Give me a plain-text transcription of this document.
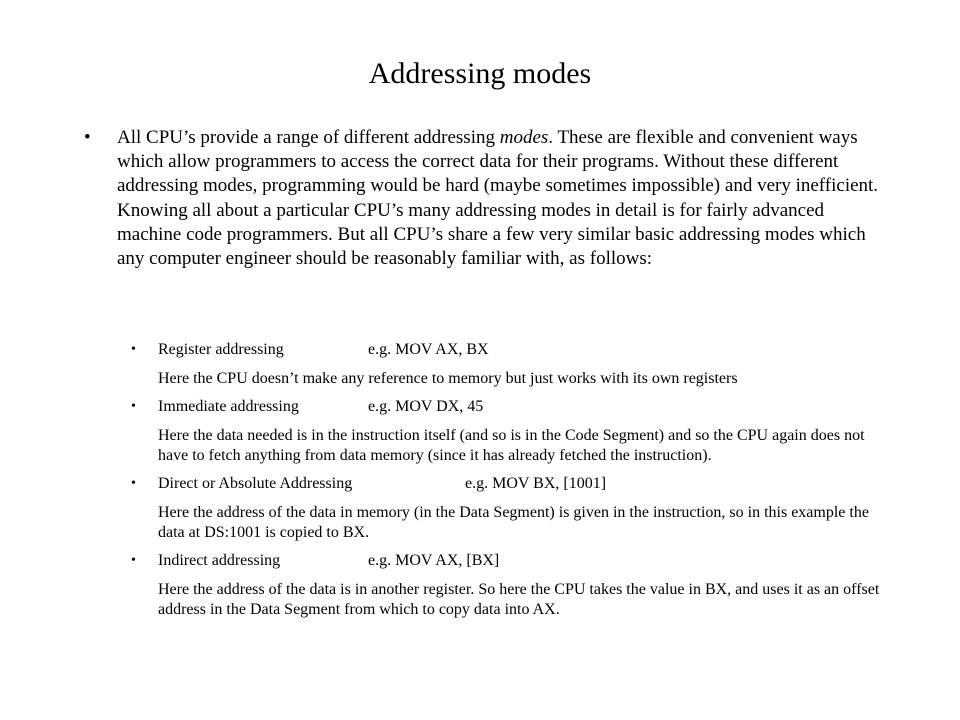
Addressing modes
• All CPU’s provide a range of different addressing modes. These are flexible and convenient ways which allow programmers to access the correct data for their programs. Without these different addressing modes, programming would be hard (maybe sometimes impossible) and very inefficient. Knowing all about a particular CPU’s many addressing modes in detail is for fairly advanced machine code programmers. But all CPU’s share a few very similar basic addressing modes which any computer engineer should be reasonably familiar with, as follows:
• Register addressing	e.g. MOV AX, BX
Here the CPU doesn’t make any reference to memory but just works with its own registers
• Immediate addressing	e.g. MOV DX, 45
Here the data needed is in the instruction itself (and so is in the Code Segment) and so the CPU again does not have to fetch anything from data memory (since it has already fetched the instruction).
• Direct or Absolute Addressing	e.g. MOV BX, [1001]
Here the address of the data in memory (in the Data Segment) is given in the instruction, so in this example the data at DS:1001 is copied to BX.
• Indirect addressing	e.g. MOV AX, [BX]
Here the address of the data is in another register. So here the CPU takes the value in BX, and uses it as an offset address in the Data Segment from which to copy data into AX.
